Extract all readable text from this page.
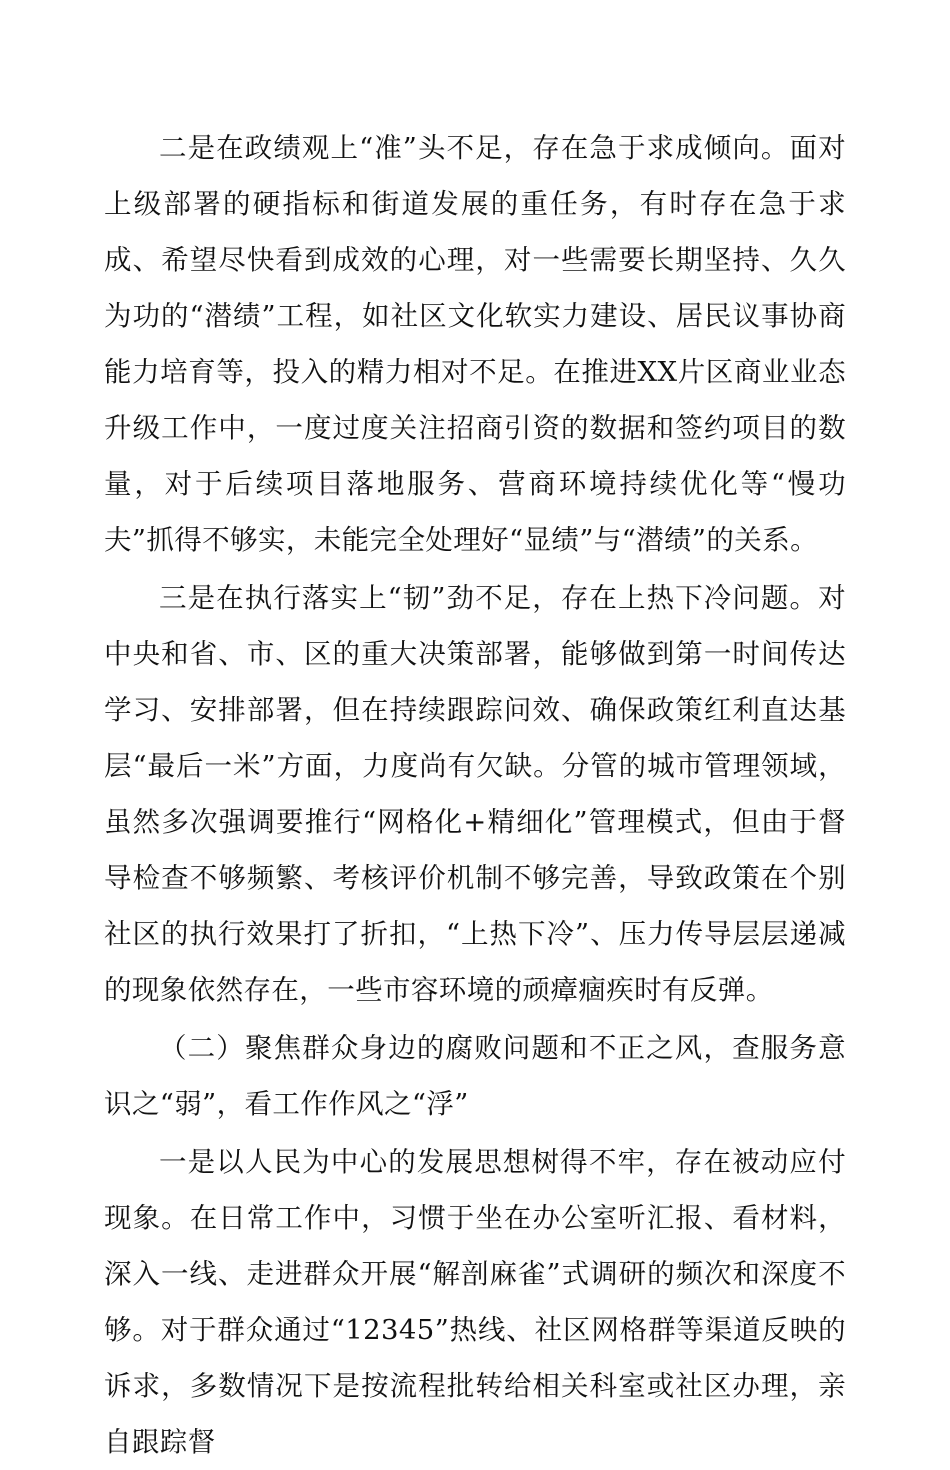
二是在政绩观上“准”头不足，存在急于求成倾向。面对上级部署的硬指标和街道发展的重任务，有时存在急于求成、希望尽快看到成效的心理，对一些需要长期坚持、久久为功的“潜绩”工程，如社区文化软实力建设、居民议事协商能力培育等，投入的精力相对不足。在推进XX片区商业业态升级工作中，一度过度关注招商引资的数据和签约项目的数量，对于后续项目落地服务、营商环境持续优化等“慢功夫”抓得不够实，未能完全处理好“显绩”与“潜绩”的关系。

三是在执行落实上“韧”劲不足，存在上热下冷问题。对中央和省、市、区的重大决策部署，能够做到第一时间传达学习、安排部署，但在持续跟踪问效、确保政策红利直达基层“最后一米”方面，力度尚有欠缺。分管的城市管理领域，虽然多次强调要推行“网格化+精细化”管理模式，但由于督导检查不够频繁、考核评价机制不够完善，导致政策在个别社区的执行效果打了折扣，“上热下冷”、压力传导层层递减的现象依然存在，一些市容环境的顽瘴痼疾时有反弹。

（二）聚焦群众身边的腐败问题和不正之风，查服务意识之“弱”，看工作作风之“浮”

一是以人民为中心的发展思想树得不牢，存在被动应付现象。在日常工作中，习惯于坐在办公室听汇报、看材料，深入一线、走进群众开展“解剖麻雀”式调研的频次和深度不够。对于群众通过“12345”热线、社区网格群等渠道反映的诉求，多数情况下是按流程批转给相关科室或社区办理，亲自跟踪督
